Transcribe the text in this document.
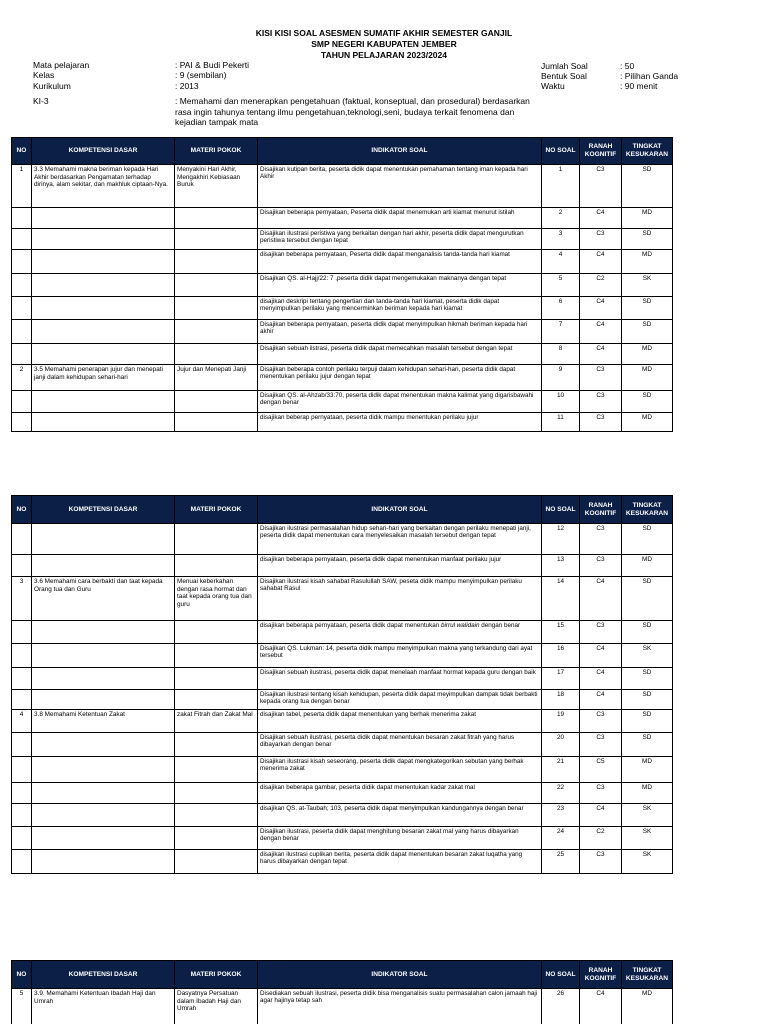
KISI KISI SOAL ASESMEN SUMATIF AKHIR SEMESTER GANJIL
SMP NEGERI KABUPATEN JEMBER
TAHUN PELAJARAN 2023/2024
Mata pelajaran	: PAI & Budi Pekerti
Kelas	: 9 (sembilan)
Kurikulum	: 2013
KI-3	: Memahami dan menerapkan pengetahuan (faktual, konseptual, dan prosedural) berdasarkan rasa ingin tahunya tentang ilmu pengetahuan,teknologi,seni, budaya terkait fenomena dan kejadian tampak mata
Jumlah Soal	: 50
Bentuk Soal	: Pilihan Ganda
Waktu	: 90 menit
NO	KOMPETENSI DASAR	MATERI POKOK	INDIKATOR SOAL	NO SOAL	RANAH KOGNITIF	TINGKAT KESUKARAN
1	3.3 Memahami makna beriman kepada Hari Akhir berdasarkan Pengamatan terhadap dirinya, alam sekitar, dan makhluk ciptaan-Nya.	Menyakini Hari Akhir, Mengakhiri Kebiasaan Buruk	Disajikan kutipan berita, peserta didik dapat menentukan pemahaman tentang iman kepada hari Akhir	1	C3	SD
			Disajikan beberapa pernyataan, Peserta didik dapat menemukan arti kiamat menurut istilah	2	C4	MD
			Disajikan ilustrasi peristiwa yang berkaitan dengan hari akhir, peserta didik dapat mengurutkan peristiwa tersebut dengan tepat	3	C3	SD
			disajikan beberapa pernyataan, Peserta didik dapat menganalisis tanda-tanda hari kiamat	4	C4	MD
			Disajikan QS. al-Hajj/22: 7 ,peserta didik dapat mengemukakan maknanya dengan tepat	5	C2	SK
			disajikan deskripi tentang pengertian dan tanda-tanda hari kiamat, peserta didik dapat menyimpulkan perilaku yang mencerminkan beriman kepada hari kiamat	6	C4	SD
			Disajikan beberapa pernyataan, peserta didik dapat menyimpulkan hikmah beriman kepada hari akhir	7	C4	SD
			Disajikan sebuah ilstrasi, peserta didik dapat memecahkan masalah tersebut dengan tepat	8	C4	MD
2	3.5 Memahami penerapan jujur dan menepati janji dalam kehidupan sehari-hari	Jujur dan Menepati Janji	Disajikan beberapa contoh perilaku terpuji dalam kehidupan sehari-hari, peserta didik dapat menentukan perilaku jujur dengan tepat	9	C3	MD
			Disajikan QS. al-Ahzab/33:70, peserta didik dapat menentukan makna kalimat yang digarisbawahi dengan benar	10	C3	SD
			disajikan beberap pernyataan, peserta didik mampu menentukan perilaku jujur	11	C3	MD
NO	KOMPETENSI DASAR	MATERI POKOK	INDIKATOR SOAL	NO SOAL	RANAH KOGNITIF	TINGKAT KESUKARAN
			Disajikan ilustrasi permasalahan hidup sehari-hari yang berkaitan dengan perilaku menepati janji, peserta didik dapat menentukan cara menyelesaikan masalah tersebut dengan tepat	12	C3	SD
			disajikan beberapa pernyataan, peserta didik dapat menentukan manfaat perilaku jujur	13	C3	MD
3	3.6 Memahami cara berbakti dan taat kepada Orang tua dan Guru	Menuai keberkahan dengan rasa hormat dan taat kepada orang tua dan guru	Disajikan ilustrasi kisah sahabat Rasulullah SAW, peseta didik mampu menyimpulkan perilaku sahabat Rasul	14	C4	SD
			disajikan beberapa pernyataan, peserta didik dapat menentukan birrul walidain dengan benar	15	C3	SD
			Disajikan QS. Lukman: 14, peserta didik mampu menyimpulkan makna yang terkandung dari ayat tersebut	16	C4	SK
			Disajikan sebuah ilustrasi, peserta didik dapat menelaah manfaat hormat kepada guru dengan baik	17	C4	SD
			Disajikan ilustrasi tentang kisah kehidupan, peserta didik dapat meyimpulkan dampak tidak berbakti kepada orang tua dengan benar	18	C4	SD
4	3.8 Memahami Ketentuan Zakat	zakat Fitrah dan Zakat Mal	disajikan tabel, peserta didik dapat menentukan yang berhak menerima zakat	19	C3	SD
			Disajikan sebuah ilustrasi, peserta didik dapat menentukan besaran zakat fitrah yang harus dibayarkan dengan benar	20	C3	SD
			Disajikan ilustrasi kisah seseorang, peserta didik dapat mengkategorikan sebutan yang berhak menerima zakat	21	C5	MD
			disajikan beberapa gambar, peserta didik dapat menentukan kadar zakat mal	22	C3	MD
			disajikan QS. at-Taubah; 103, peserta didik dapat menyimpulkan kandungannya dengan benar	23	C4	SK
			Disajikan ilustrasi, peserta didik dapat menghitung besaran zakat mal yang harus dibayarkan dengan benar	24	C2	SK
			disajikan ilustrasi cuplikan berita, peserta didik dapat menentukan besaran zakat luqatha yang harus dibayarkan dengan tepat	25	C3	SK
NO	KOMPETENSI DASAR	MATERI POKOK	INDIKATOR SOAL	NO SOAL	RANAH KOGNITIF	TINGKAT KESUKARAN
5	3.9. Memahami Ketentuan Ibadah Haji dan Umrah	Dasyatnya Persatuan dalam Ibadah Haji dan Umrah	Disediakan sebuah ilustrasi, peserta didik bisa menganalisis suatu permasalahan calon jamaah haji agar hajinya tetap sah	26	C4	MD
